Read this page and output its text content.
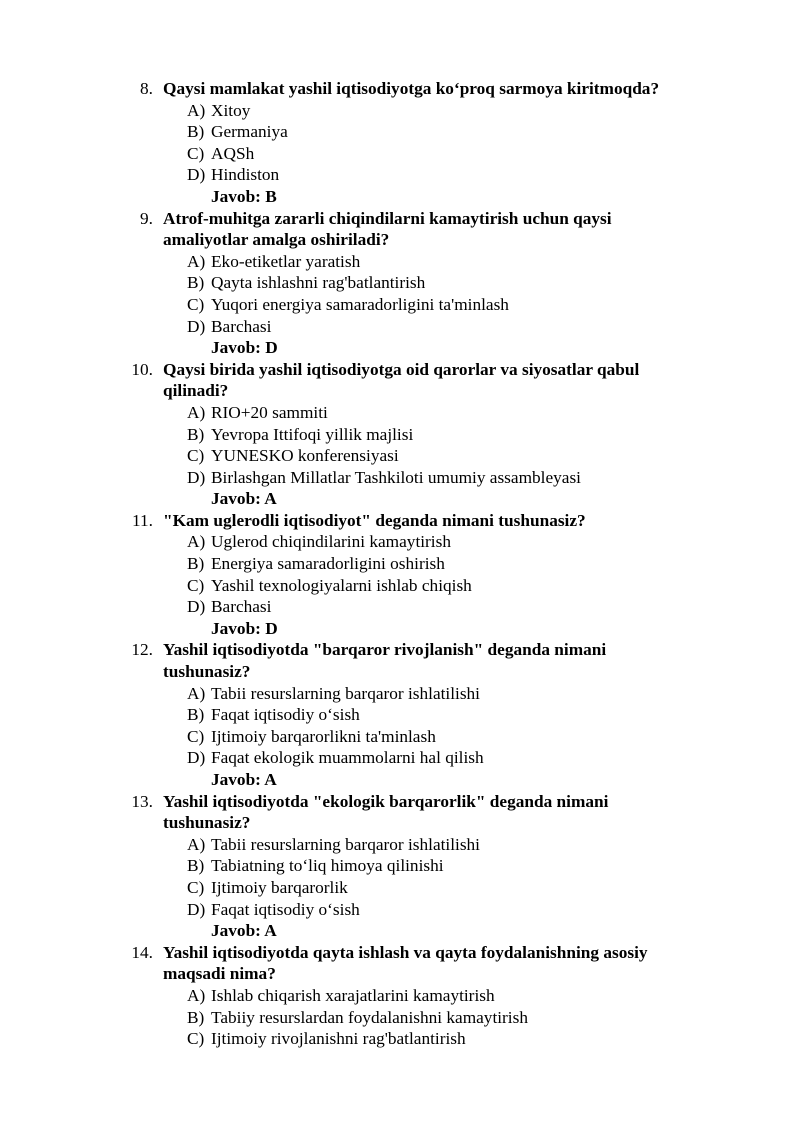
8. Qaysi mamlakat yashil iqtisodiyotga ko‘proq sarmoya kiritmoqda?
A) Xitoy
B) Germaniya
C) AQSh
D) Hindiston
Javob: B
9. Atrof-muhitga zararli chiqindilarni kamaytirish uchun qaysi
amaliyotlar amalga oshiriladi?
A) Eko-etiketlar yaratish
B) Qayta ishlashni rag'batlantirish
C) Yuqori energiya samaradorligini ta'minlash
D) Barchasi
Javob: D
10. Qaysi birida yashil iqtisodiyotga oid qarorlar va siyosatlar qabul
qilinadi?
A) RIO+20 sammiti
B) Yevropa Ittifoqi yillik majlisi
C) YUNESKO konferensiyasi
D) Birlashgan Millatlar Tashkiloti umumiy assambleyasi
Javob: A
11. "Kam uglerodli iqtisodiyot" deganda nimani tushunasiz?
A) Uglerod chiqindilarini kamaytirish
B) Energiya samaradorligini oshirish
C) Yashil texnologiyalarni ishlab chiqish
D) Barchasi
Javob: D
12. Yashil iqtisodiyotda "barqaror rivojlanish" deganda nimani
tushunasiz?
A) Tabii resurslarning barqaror ishlatilishi
B) Faqat iqtisodiy o‘sish
C) Ijtimoiy barqarorlikni ta'minlash
D) Faqat ekologik muammolarni hal qilish
Javob: A
13. Yashil iqtisodiyotda "ekologik barqarorlik" deganda nimani
tushunasiz?
A) Tabii resurslarning barqaror ishlatilishi
B) Tabiatning to‘liq himoya qilinishi
C) Ijtimoiy barqarorlik
D) Faqat iqtisodiy o‘sish
Javob: A
14. Yashil iqtisodiyotda qayta ishlash va qayta foydalanishning asosiy
maqsadi nima?
A) Ishlab chiqarish xarajatlarini kamaytirish
B) Tabiiy resurslardan foydalanishni kamaytirish
C) Ijtimoiy rivojlanishni rag'batlantirish
